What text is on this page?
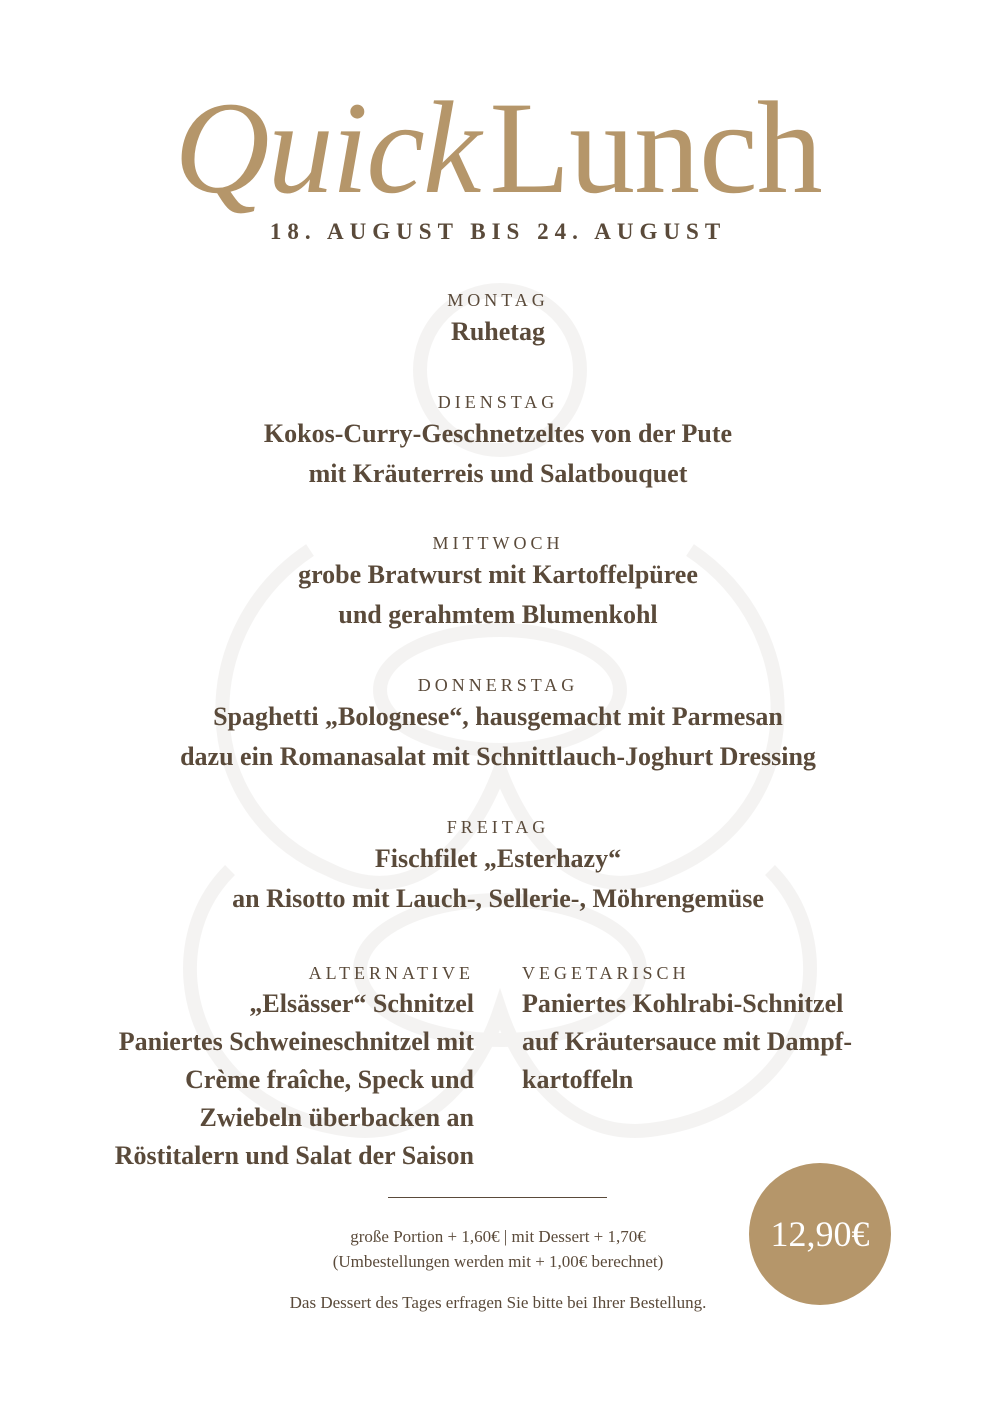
QuickLunch
18. AUGUST BIS 24. AUGUST
MONTAG
Ruhetag
DIENSTAG
Kokos-Curry-Geschnetzeltes von der Pute
mit Kräuterreis und Salatbouquet
MITTWOCH
grobe Bratwurst mit Kartoffelpüree
und gerahmtem Blumenkohl
DONNERSTAG
Spaghetti „Bolognese“, hausgemacht mit Parmesan
dazu ein Romanasalat mit Schnittlauch-Joghurt Dressing
FREITAG
Fischfilet „Esterhazy“
an Risotto mit Lauch-, Sellerie-, Möhrengemüse
ALTERNATIVE
„Elsässer“ Schnitzel
Paniertes Schweineschnitzel mit
Crème fraîche, Speck und
Zwiebeln überbacken an
Röstitalern und Salat der Saison
VEGETARISCH
Paniertes Kohlrabi-Schnitzel
auf Kräutersauce mit Dampf-
kartoffeln
große Portion + 1,60€ | mit Dessert + 1,70€
(Umbestellungen werden mit + 1,00€ berechnet)
Das Dessert des Tages erfragen Sie bitte bei Ihrer Bestellung.
12,90€
